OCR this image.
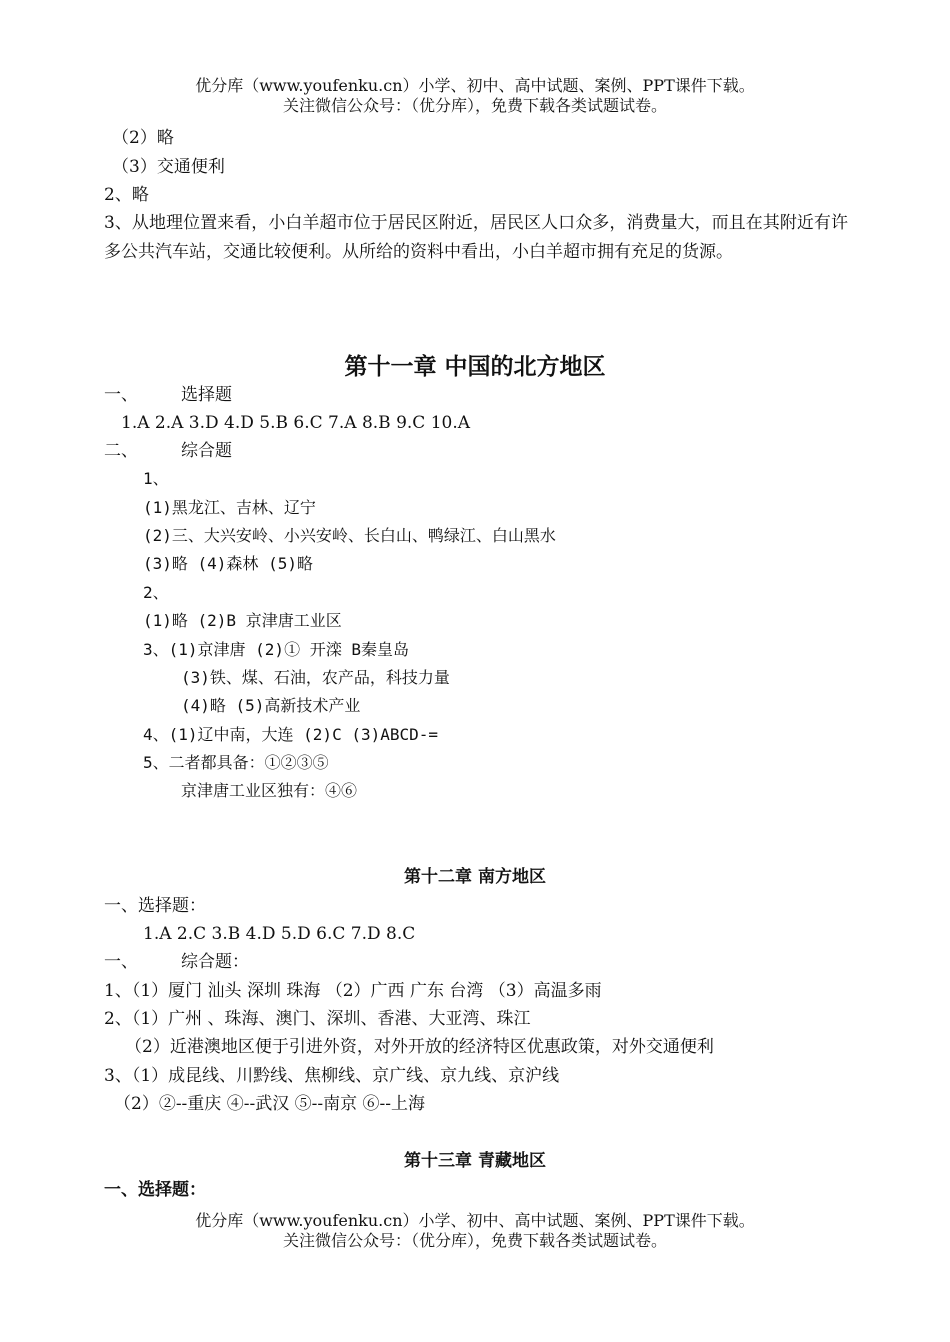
优分库（www.youfenku.cn）小学、初中、高中试题、案例、PPT课件下载。
关注微信公众号：（优分库），免费下载各类试题试卷。
（2）略
（3）交通便利
2、略
3、从地理位置来看，小白羊超市位于居民区附近，居民区人口众多，消费量大，而且在其附近有许多公共汽车站，交通比较便利。从所给的资料中看出，小白羊超市拥有充足的货源。
第十一章 中国的北方地区
一、	选择题
1.A 2.A 3.D 4.D 5.B 6.C 7.A 8.B 9.C 10.A
二、	综合题
1、
(1)黑龙江、吉林、辽宁
(2)三、大兴安岭、小兴安岭、长白山、鸭绿江、白山黑水
(3)略 (4)森林 (5)略
2、
(1)略 (2)B 京津唐工业区
3、(1)京津唐 (2)① 开滦 B秦皇岛
(3)铁、煤、石油，农产品，科技力量
(4)略 (5)高新技术产业
4、(1)辽中南，大连 (2)C (3)ABCD-=
5、二者都具备：①②③⑤
京津唐工业区独有：④⑥
第十二章 南方地区
一、选择题：
1.A 2.C 3.B 4.D 5.D 6.C 7.D 8.C
一、	综合题：
1、（1）厦门 汕头 深圳 珠海 （2）广西 广东 台湾 （3）高温多雨
2、（1）广州 、珠海、澳门、深圳、香港、大亚湾、珠江
（2）近港澳地区便于引进外资，对外开放的经济特区优惠政策，对外交通便利
3、（1）成昆线、川黔线、焦柳线、京广线、京九线、京沪线
（2）②--重庆 ④--武汉 ⑤--南京 ⑥--上海
第十三章 青藏地区
一、选择题：
优分库（www.youfenku.cn）小学、初中、高中试题、案例、PPT课件下载。
关注微信公众号：（优分库），免费下载各类试题试卷。
